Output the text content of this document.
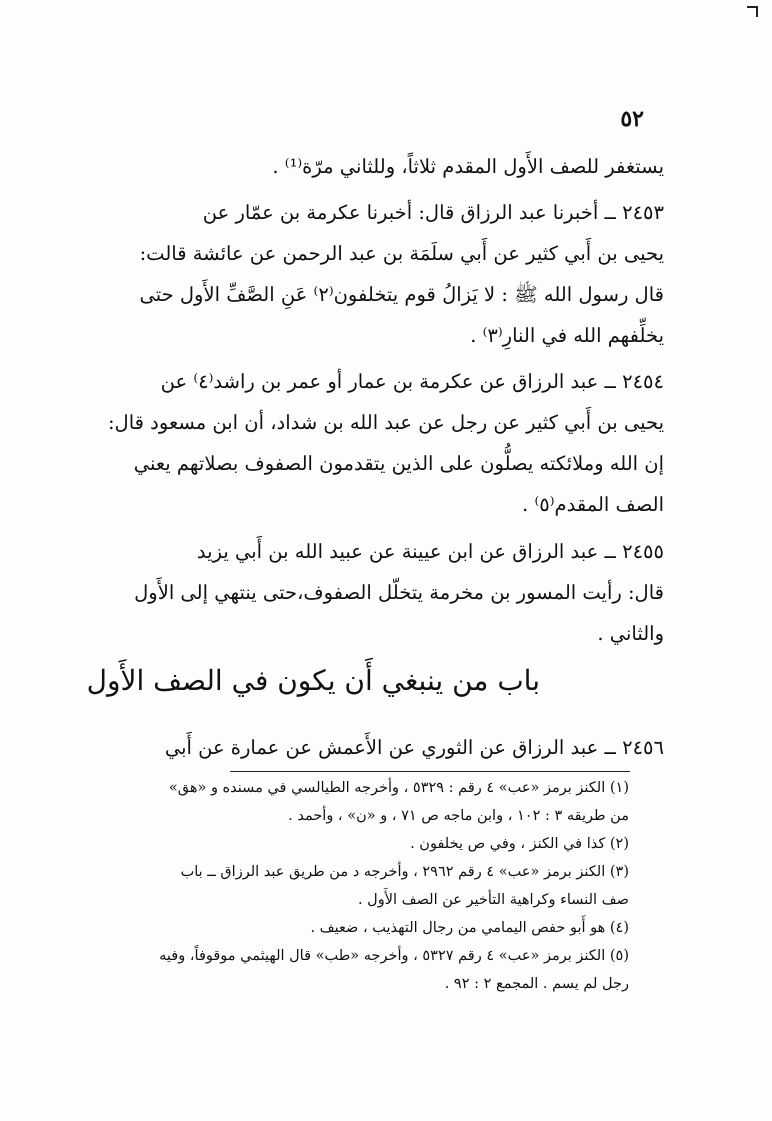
٥٢
يستغفر للصف الأَول المقدم ثلاثاً، وللثاني مرّة⁽¹⁾ .
٢٤٥٣ ــ أخبرنا عبد الرزاق قال: أخبرنا عكرمة بن عمّار عن
يحيى بن أَبي كثير عن أَبي سلَمَة بن عبد الرحمن عن عائشة قالت:
قال رسول الله ﷺ : لا يَزالُ قوم يتخلفون⁽٢⁾ عَنِ الصَّفِّ الأَول حتى
يخلِّفهم الله في النارِ⁽٣⁾ .
٢٤٥٤ ــ عبد الرزاق عن عكرمة بن عمار أو عمر بن راشد⁽٤⁾ عن
يحيى بن أَبي كثير عن رجل عن عبد الله بن شداد، أن ابن مسعود قال:
إن الله وملائكته يصلُّون على الذين يتقدمون الصفوف بصلاتهم يعني
الصف المقدم⁽٥⁾ .
٢٤٥٥ ــ عبد الرزاق عن ابن عيينة عن عبيد الله بن أَبي يزيد
قال: رأيت المسور بن مخرمة يتخلّل الصفوف،حتى ينتهي إلى الأَول
والثاني .
باب من ينبغي أَن يكون في الصف الأَول
٢٤٥٦ ــ عبد الرزاق عن الثوري عن الأَعمش عن عمارة عن أَبي
(١) الكنز برمز «عب» ٤ رقم : ٥٣٢٩ ، وأخرجه الطيالسي في مسنده و «هق»
من طريقه ٣ : ١٠٢ ، وابن ماجه ص ٧١ ، و «ن» ، وأحمد .
(٢) كذا في الكنز ، وفي ص يخلفون .
(٣) الكنز برمز «عب» ٤ رقم ٢٩٦٢ ، وأخرجه د من طريق عبد الرزاق ــ باب
صف النساء وكراهية التأخير عن الصف الأَول .
(٤) هو أَبو حفص اليمامي من رجال التهذيب ، ضعيف .
(٥) الكنز برمز «عب» ٤ رقم ٥٣٢٧ ، وأخرجه «طب» قال الهيثمي موقوفاً، وفيه
رجل لم يسم . المجمع ٢ : ٩٢ .
